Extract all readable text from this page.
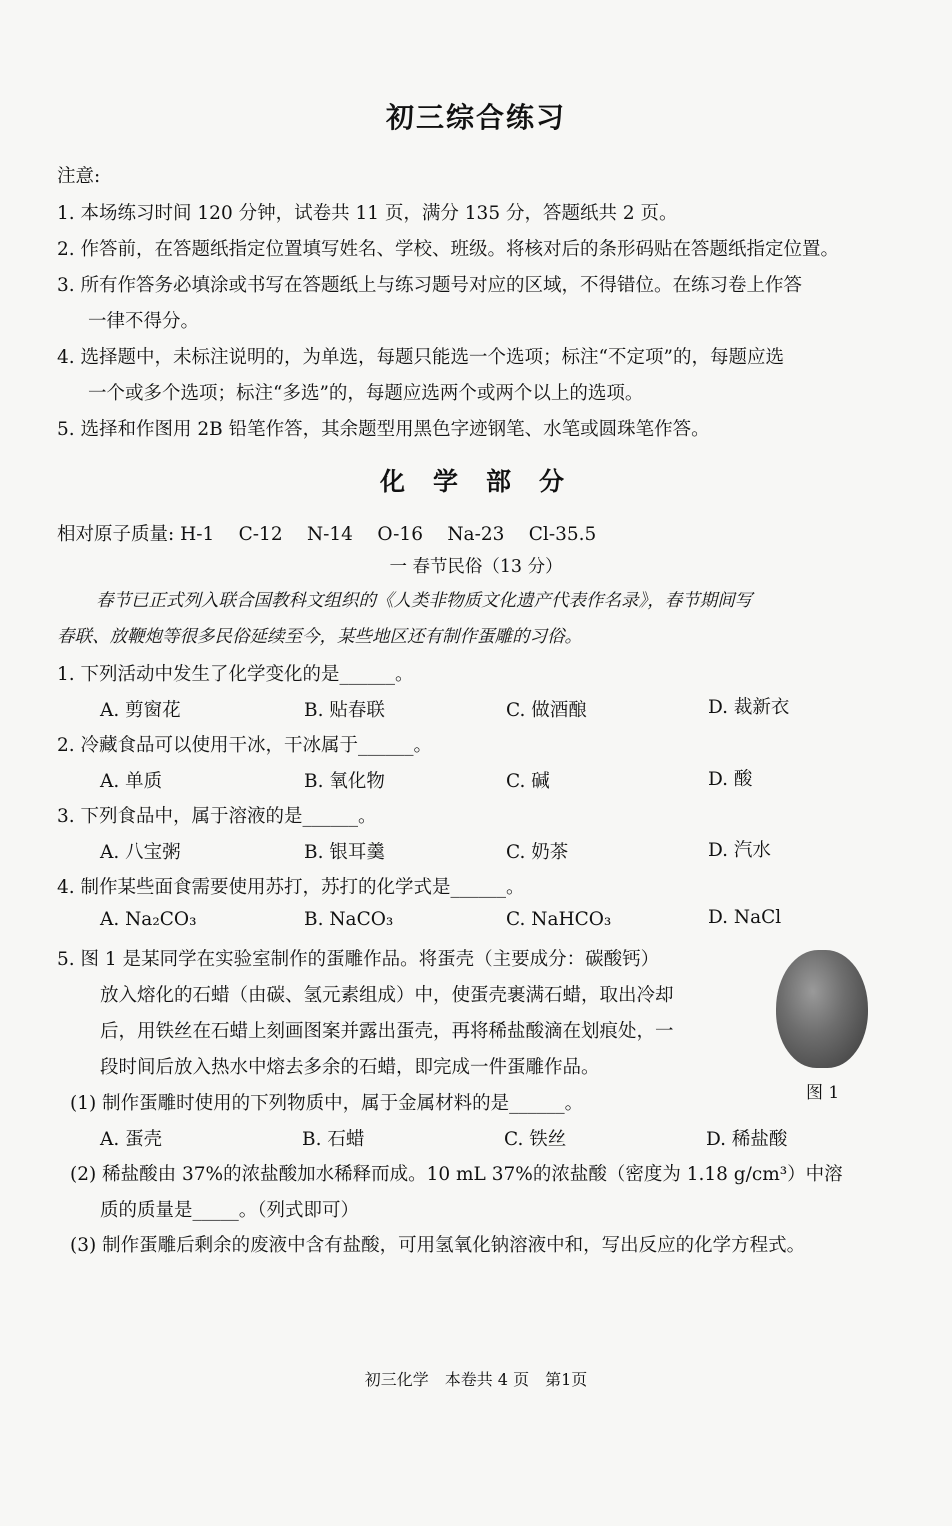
初三综合练习
注意:
1. 本场练习时间 120 分钟，试卷共 11 页，满分 135 分，答题纸共 2 页。
2. 作答前，在答题纸指定位置填写姓名、学校、班级。将核对后的条形码贴在答题纸指定位置。
3. 所有作答务必填涂或书写在答题纸上与练习题号对应的区域，不得错位。在练习卷上作答
一律不得分。
4. 选择题中，未标注说明的，为单选，每题只能选一个选项；标注“不定项”的，每题应选
一个或多个选项；标注“多选”的，每题应选两个或两个以上的选项。
5. 选择和作图用 2B 铅笔作答，其余题型用黑色字迹钢笔、水笔或圆珠笔作答。
化学部分
相对原子质量: H-1　 C-12　 N-14　 O-16　 Na-23　 Cl-35.5
一 春节民俗（13 分）
春节已正式列入联合国教科文组织的《人类非物质文化遗产代表作名录》，春节期间写
春联、放鞭炮等很多民俗延续至今，某些地区还有制作蛋雕的习俗。
1. 下列活动中发生了化学变化的是______。
A. 剪窗花	B. 贴春联	C. 做酒酿	D. 裁新衣
2. 冷藏食品可以使用干冰，干冰属于______。
A. 单质	B. 氧化物	C. 碱	D. 酸
3. 下列食品中，属于溶液的是______。
A. 八宝粥	B. 银耳羹	C. 奶茶	D. 汽水
4. 制作某些面食需要使用苏打，苏打的化学式是______。
A. Na₂CO₃	B. NaCO₃	C. NaHCO₃	D. NaCl
5. 图 1 是某同学在实验室制作的蛋雕作品。将蛋壳（主要成分：碳酸钙）
放入熔化的石蜡（由碳、氢元素组成）中，使蛋壳裹满石蜡，取出冷却
后，用铁丝在石蜡上刻画图案并露出蛋壳，再将稀盐酸滴在划痕处，一
段时间后放入热水中熔去多余的石蜡，即完成一件蛋雕作品。
图 1
(1) 制作蛋雕时使用的下列物质中，属于金属材料的是______。
A. 蛋壳	B. 石蜡	C. 铁丝	D. 稀盐酸
(2) 稀盐酸由 37%的浓盐酸加水稀释而成。10 mL 37%的浓盐酸（密度为 1.18 g/cm³）中溶
质的质量是_____。（列式即可）
(3) 制作蛋雕后剩余的废液中含有盐酸，可用氢氧化钠溶液中和，写出反应的化学方程式。
初三化学　本卷共 4 页　第1页
